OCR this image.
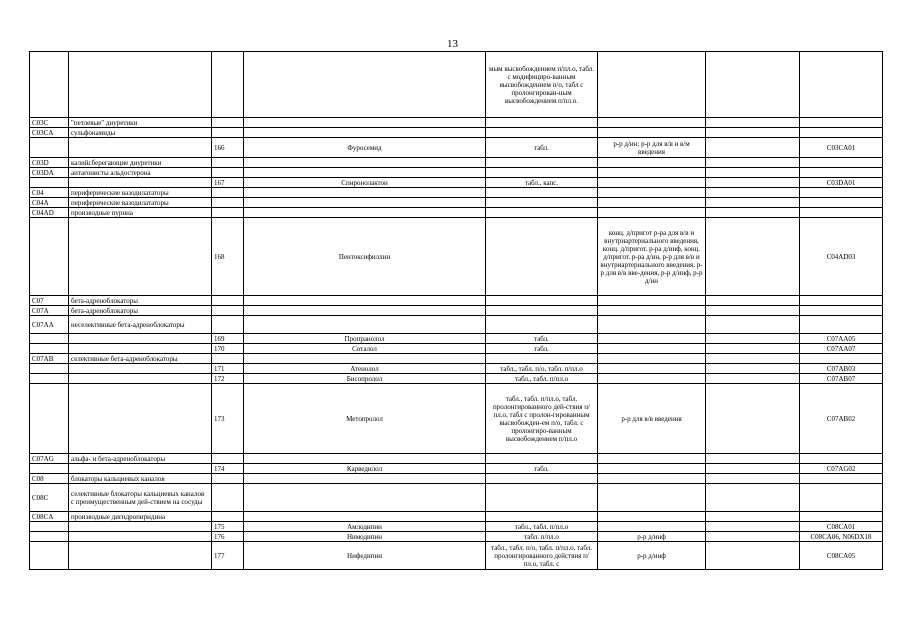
13
				мым высвобождением п/пл.о, табл. с модифициро-ванным высвобождением п/о, табл с пролонгирован-ным высвобождением п/пл.о.			
C03C	"петлевые" диуретики						
C03CA	сульфонамиды						
		166	Фуросемид	табл.	р-р д/ин; р-р для в/в и в/м введения		C03CA01
C03D	калийсберегающие диуретики						
C03DA	антагонисты альдостерона						
		167	Спиронолактон	табл., капс.			C03DA01
C04	периферические вазодилататоры						
C04A	периферические вазодилататоры						
C04AD	производные пурина						
		168	Пентоксифиллин		конц. д/пригот р-ра для в/в и внутриартериального введения, конц. д/пригот. р-ра д/инф, конц. д/пригот. р-ра д/ин, р-р для в/в и внутриартериального введения, р-р для в/в вве-дения, р-р д/инф, р-р д/ин		C04AD03
C07	бета-адреноблокаторы						
C07A	бета-адреноблокаторы						
C07AA	неселективные бета-адреноблокаторы						
		169	Пропранолол	табл.			C07AA05
		170	Соталол	табл.			C07AA07
C07AB	селективные бета-адреноблокаторы						
		171	Атенолол	табл., табл. п/о, табл. п/пл.о			C07AB03
		172	Бисопролол	табл., табл. п/пл.о			C07AB07
		173	Метопролол	табл., табл. п/пл.о, табл. пролонгированного дей-ствия п/пл.о, табл с пролон-гированным высвобожден-ем п/о, табл. с пролонгиро-ванным высвобождением п/пл.о	р-р для в/в введения		C07AB02
C07AG	альфа- и бета-адреноблокаторы						
		174	Карведилол	табл.			C07AG02
C08	блокаторы кальциевых каналов						
C08C	селективные блокаторы кальциевых каналов с преимущественным дей-ствием на сосуды						
C08CA	производные дигидропиридина						
		175	Амлодипин	табл., табл. п/пл.о			C08CA01
		176	Нимодипин	табл. п/пл.о	р-р д/инф		C08CA06, N06DX18
		177	Нифедипин	табл., табл. п/о, табл. п/пл.о, табл. пролонгированного действия п/пл.о, табл. с	р-р д/инф		C08CA05
